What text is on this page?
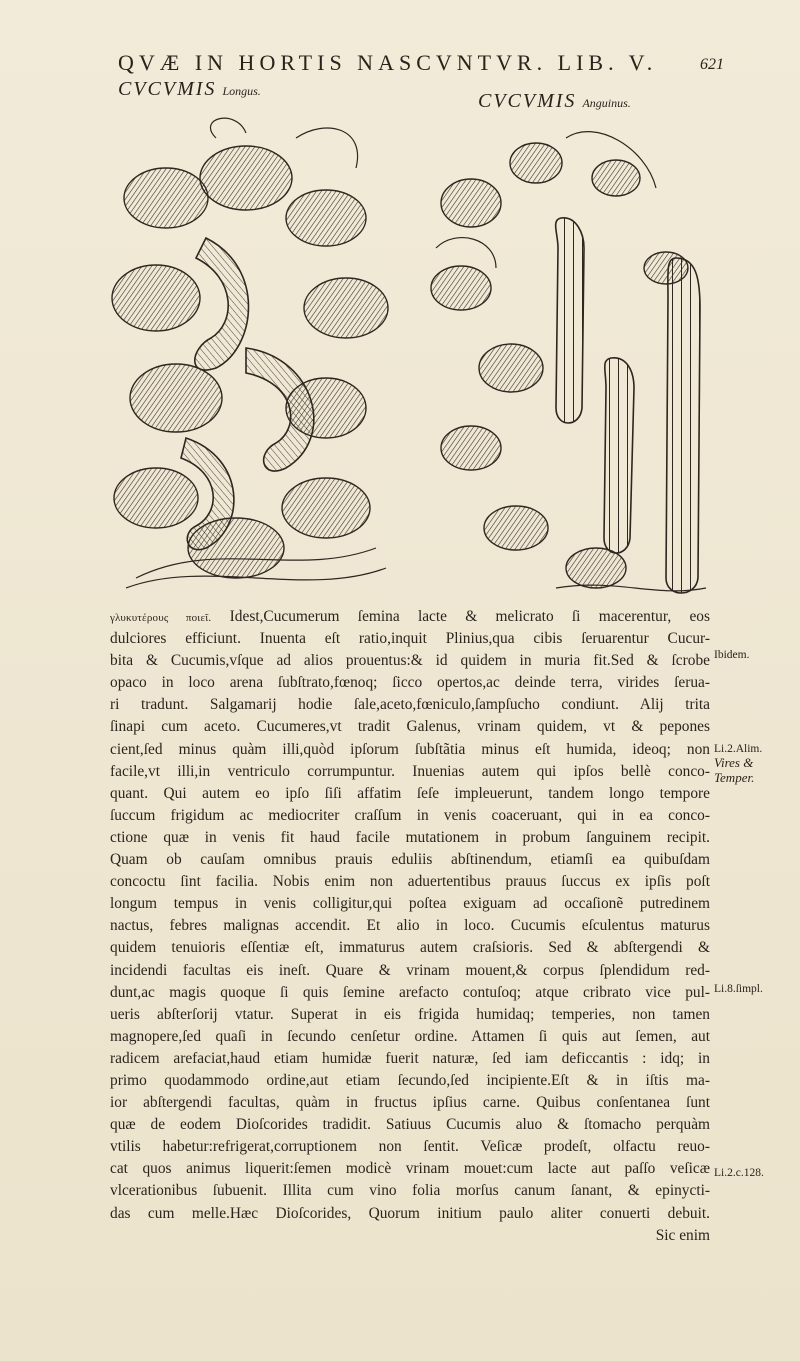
QVÆ IN HORTIS NASCVNTVR. LIB. V.	621
CVCVMIS Longus.	CVCVMIS Anguinus.
γλυκυτέρους ποιεῖ. Idest,Cucumerum ſemina lacte & melicrato ſi macerentur, eos
dulciores efficiunt. Inuenta eſt ratio,inquit Plinius,qua cibis ſeruarentur Cucur-
bita & Cucumis,vſque ad alios prouentus:& id quidem in muria fit.Sed & ſcrobe
opaco in loco arena ſubſtrato,fœnoq; ſicco opertos,ac deinde terra, virides ſerua-
ri tradunt. Salgamarij hodie ſale,aceto,fœniculo,ſampſucho condiunt. Alij trita
ſinapi cum aceto. Cucumeres,vt tradit Galenus, vrinam quidem, vt & pepones
cient,ſed minus quàm illi,quòd ipſorum ſubſtãtia minus eſt humida, ideoq; non
facile,vt illi,in ventriculo corrumpuntur. Inuenias autem qui ipſos bellè conco-
quant. Qui autem eo ipſo ſiſi affatim ſeſe impleuerunt, tandem longo tempore
ſuccum frigidum ac mediocriter craſſum in venis coaceruant, qui in ea conco-
ctione quæ in venis fit haud facile mutationem in probum ſanguinem recipit.
Quam ob cauſam omnibus prauis eduliis abſtinendum, etiamſi ea quibuſdam
concoctu ſint facilia. Nobis enim non aduertentibus prauus ſuccus ex ipſis poſt
longum tempus in venis colligitur,qui poſtea exiguam ad occaſionẽ putredinem
nactus, febres malignas accendit. Et alio in loco. Cucumis eſculentus maturus
quidem tenuioris eſſentiæ eſt, immaturus autem craſsioris. Sed & abſtergendi &
incidendi facultas eis ineſt. Quare & vrinam mouent,& corpus ſplendidum red-
dunt,ac magis quoque ſi quis ſemine arefacto contuſoq; atque cribrato vice pul-
ueris abſterſorij vtatur. Superat in eis frigida humidaq; temperies, non tamen
magnopere,ſed quaſi in ſecundo cenſetur ordine. Attamen ſi quis aut ſemen, aut
radicem arefaciat,haud etiam humidæ fuerit naturæ, ſed iam deficcantis : idq; in
primo quodammodo ordine,aut etiam ſecundo,ſed incipiente.Eſt & in iſtis ma-
ior abſtergendi facultas, quàm in fructus ipſius carne. Quibus conſentanea ſunt
quæ de eodem Dioſcorides tradidit. Satiuus Cucumis aluo & ſtomacho perquàm
vtilis habetur:refrigerat,corruptionem non ſentit. Veſicæ prodeſt, olfactu reuo-
cat quos animus liquerit:ſemen modicè vrinam mouet:cum lacte aut paſſo veſicæ
vlcerationibus ſubuenit. Illita cum vino folia morſus canum ſanant, & epinycti-
das cum melle.Hæc Dioſcorides, Quorum initium paulo aliter conuerti debuit.
Sic enim
Ibidem.
Li.2.Alim.
Vires &
Temper.
Li.8.ſimpl.
Li.2.c.128.
